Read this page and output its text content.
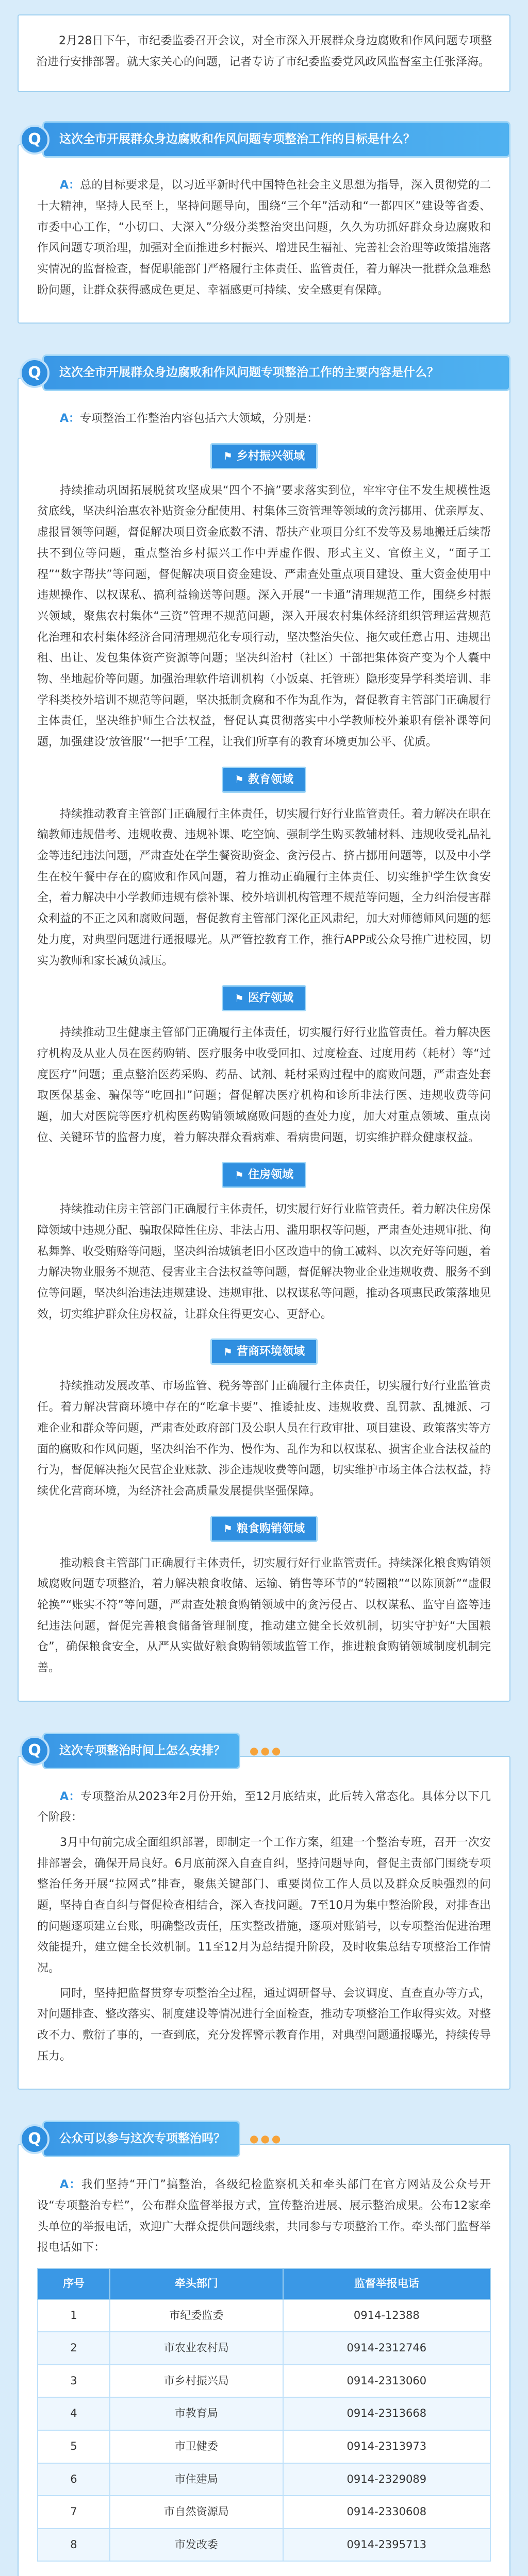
2月28日下午，市纪委监委召开会议，对全市深入开展群众身边腐败和作风问题专项整治进行安排部署。就大家关心的问题，记者专访了市纪委监委党风政风监督室主任张泽海。

Q	这次全市开展群众身边腐败和作风问题专项整治工作的目标是什么？

A：总的目标要求是，以习近平新时代中国特色社会主义思想为指导，深入贯彻党的二十大精神，坚持人民至上，坚持问题导向，围绕“三个年”活动和“一都四区”建设等省委、市委中心工作，“小切口、大深入”分级分类整治突出问题，久久为功抓好群众身边腐败和作风问题专项治理，加强对全面推进乡村振兴、增进民生福祉、完善社会治理等政策措施落实情况的监督检查，督促职能部门严格履行主体责任、监管责任，着力解决一批群众急难愁盼问题，让群众获得感成色更足、幸福感更可持续、安全感更有保障。

Q	这次全市开展群众身边腐败和作风问题专项整治工作的主要内容是什么？

A：专项整治工作整治内容包括六大领域，分别是：

⚑ 乡村振兴领域

持续推动巩固拓展脱贫攻坚成果“四个不摘”要求落实到位，牢牢守住不发生规模性返贫底线，坚决纠治惠农补贴资金分配使用、村集体三资管理等领域的贪污挪用、优亲厚友、虚报冒领等问题，督促解决项目资金底数不清、帮扶产业项目分红不发等及易地搬迁后续帮扶不到位等问题，重点整治乡村振兴工作中弄虚作假、形式主义、官僚主义，“面子工程”“数字帮扶”等问题，督促解决项目资金建设、严肃查处重点项目建设、重大资金使用中违规操作、以权谋私、搞利益输送等问题。深入开展“一卡通”清理规范工作，围绕乡村振兴领域，聚焦农村集体“三资”管理不规范问题，深入开展农村集体经济组织管理运营规范化治理和农村集体经济合同清理规范化专项行动，坚决整治失位、拖欠或任意占用、违规出租、出让、发包集体资产资源等问题；坚决纠治村（社区）干部把集体资产变为个人囊中物、坐地起价等问题。加强治理软件培训机构（小饭桌、托管班）隐形变异学科类培训、非学科类校外培训不规范等问题，坚决抵制贪腐和不作为乱作为，督促教育主管部门正确履行主体责任，坚决维护师生合法权益，督促认真贯彻落实中小学教师校外兼职有偿补课等问题，加强建设‘放管服’‘一把手’工程，让我们所享有的教育环境更加公平、优质。

⚑ 教育领域

持续推动教育主管部门正确履行主体责任，切实履行好行业监管责任。着力解决在职在编教师违规借考、违规收费、违规补课、吃空饷、强制学生购买教辅材料、违规收受礼品礼金等违纪违法问题，严肃查处在学生餐资助资金、贪污侵占、挤占挪用问题等，以及中小学生在校午餐中存在的腐败和作风问题，着力推动正确履行主体责任、切实维护学生饮食安全，着力解决中小学教师违规有偿补课、校外培训机构管理不规范等问题，全力纠治侵害群众利益的不正之风和腐败问题，督促教育主管部门深化正风肃纪，加大对师德师风问题的惩处力度，对典型问题进行通报曝光。从严管控教育工作，推行APP或公众号推广进校园，切实为教师和家长减负减压。

⚑ 医疗领域

持续推动卫生健康主管部门正确履行主体责任，切实履行好行业监管责任。着力解决医疗机构及从业人员在医药购销、医疗服务中收受回扣、过度检查、过度用药（耗材）等“过度医疗”问题；重点整治医药采购、药品、试剂、耗材采购过程中的腐败问题，严肃查处套取医保基金、骗保等“吃回扣”问题；督促解决医疗机构和诊所非法行医、违规收费等问题，加大对医院等医疗机构医药购销领域腐败问题的查处力度，加大对重点领域、重点岗位、关键环节的监督力度，着力解决群众看病难、看病贵问题，切实维护群众健康权益。

⚑ 住房领域

持续推动住房主管部门正确履行主体责任，切实履行好行业监管责任。着力解决住房保障领域中违规分配、骗取保障性住房、非法占用、滥用职权等问题，严肃查处违规审批、徇私舞弊、收受贿赂等问题，坚决纠治城镇老旧小区改造中的偷工减料、以次充好等问题，着力解决物业服务不规范、侵害业主合法权益等问题，督促解决物业企业违规收费、服务不到位等问题，坚决纠治违法违规建设、违规审批、以权谋私等问题，推动各项惠民政策落地见效，切实维护群众住房权益，让群众住得更安心、更舒心。

⚑ 营商环境领域

持续推动发展改革、市场监管、税务等部门正确履行主体责任，切实履行好行业监管责任。着力解决营商环境中存在的“吃拿卡要”、推诿扯皮、违规收费、乱罚款、乱摊派、刁难企业和群众等问题，严肃查处政府部门及公职人员在行政审批、项目建设、政策落实等方面的腐败和作风问题，坚决纠治不作为、慢作为、乱作为和以权谋私、损害企业合法权益的行为，督促解决拖欠民营企业账款、涉企违规收费等问题，切实维护市场主体合法权益，持续优化营商环境，为经济社会高质量发展提供坚强保障。

⚑ 粮食购销领域

推动粮食主管部门正确履行主体责任，切实履行好行业监管责任。持续深化粮食购销领域腐败问题专项整治，着力解决粮食收储、运输、销售等环节的“转圈粮”“以陈顶新”“虚假轮换”“账实不符”等问题，严肃查处粮食购销领域中的贪污侵占、以权谋私、监守自盗等违纪违法问题，督促完善粮食储备管理制度，推动建立健全长效机制，切实守护好“大国粮仓”，确保粮食安全，从严从实做好粮食购销领域监管工作，推进粮食购销领域制度机制完善。

Q	这次专项整治时间上怎么安排？	●●●

A：专项整治从2023年2月份开始，至12月底结束，此后转入常态化。具体分以下几个阶段：

3月中旬前完成全面组织部署，即制定一个工作方案，组建一个整治专班，召开一次安排部署会，确保开局良好。6月底前深入自查自纠，坚持问题导向，督促主责部门围绕专项整治任务开展“拉网式”排查，聚焦关键部门、重要岗位工作人员以及群众反映强烈的问题，坚持自查自纠与督促检查相结合，深入查找问题。7至10月为集中整治阶段，对排查出的问题逐项建立台账，明确整改责任，压实整改措施，逐项对账销号，以专项整治促进治理效能提升，建立健全长效机制。11至12月为总结提升阶段，及时收集总结专项整治工作情况。

同时，坚持把监督贯穿专项整治全过程，通过调研督导、会议调度、直查直办等方式，对问题排查、整改落实、制度建设等情况进行全面检查，推动专项整治工作取得实效。对整改不力、敷衍了事的，一查到底，充分发挥警示教育作用，对典型问题通报曝光，持续传导压力。

Q	公众可以参与这次专项整治吗？	●●●

A：我们坚持“开门”搞整治，各级纪检监察机关和牵头部门在官方网站及公众号开设“专项整治专栏”，公布群众监督举报方式，宣传整治进展、展示整治成果。公布12家牵头单位的举报电话，欢迎广大群众提供问题线索，共同参与专项整治工作。牵头部门监督举报电话如下：

序号	牵头部门	监督举报电话
1	市纪委监委	0914-12388
2	市农业农村局	0914-2312746
3	市乡村振兴局	0914-2313060
4	市教育局	0914-2313668
5	市卫健委	0914-2313973
6	市住建局	0914-2329089
7	市自然资源局	0914-2330608
8	市发改委	0914-2395713
